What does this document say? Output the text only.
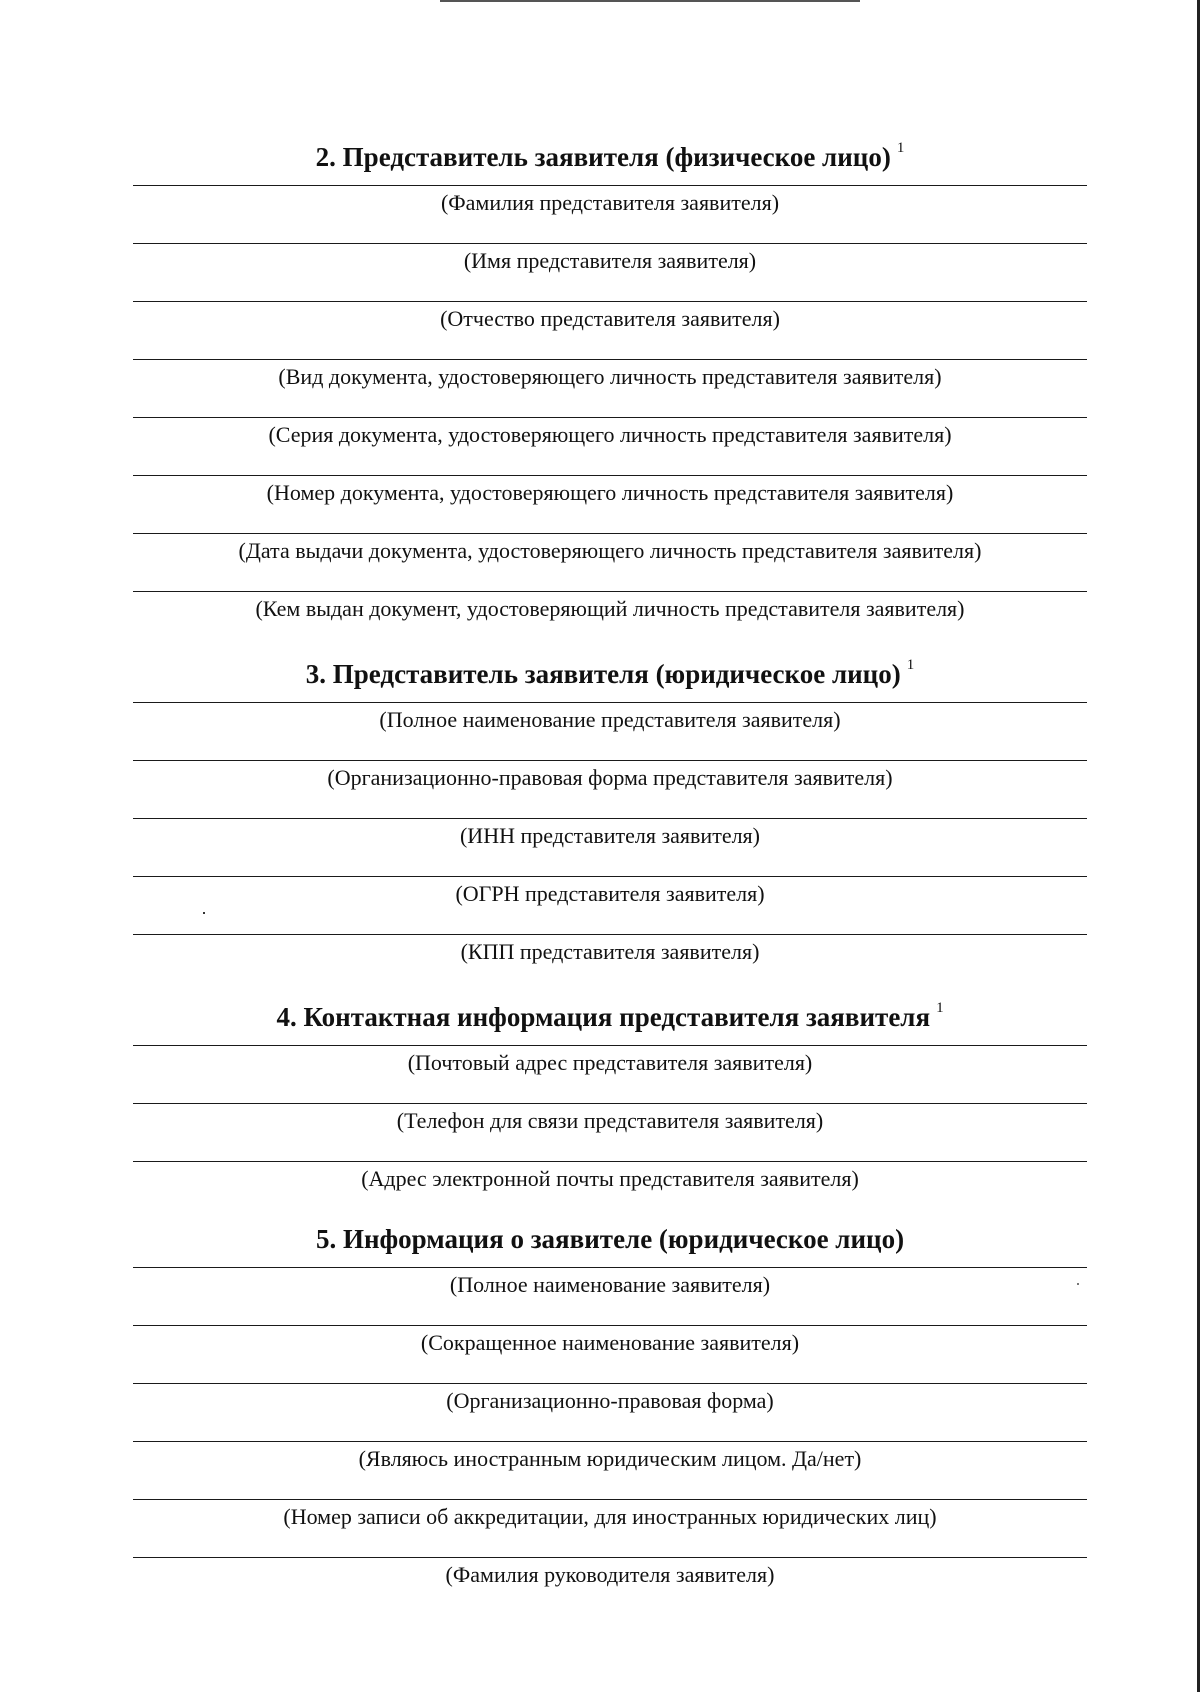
2. Представитель заявителя (физическое лицо) $^1$
(Фамилия представителя заявителя)
(Имя представителя заявителя)
(Отчество представителя заявителя)
(Вид документа, удостоверяющего личность представителя заявителя)
(Серия документа, удостоверяющего личность представителя заявителя)
(Номер документа, удостоверяющего личность представителя заявителя)
(Дата выдачи документа, удостоверяющего личность представителя заявителя)
(Кем выдан документ, удостоверяющий личность представителя заявителя)
3. Представитель заявителя (юридическое лицо) $^1$
(Полное наименование представителя заявителя)
(Организационно-правовая форма представителя заявителя)
(ИНН представителя заявителя)
(ОГРН представителя заявителя)
(КПП представителя заявителя)
4. Контактная информация представителя заявителя $^1$
(Почтовый адрес представителя заявителя)
(Телефон для связи представителя заявителя)
(Адрес электронной почты представителя заявителя)
5. Информация о заявителе (юридическое лицо)
(Полное наименование заявителя)
(Сокращенное наименование заявителя)
(Организационно-правовая форма)
(Являюсь иностранным юридическим лицом. Да/нет)
(Номер записи об аккредитации, для иностранных юридических лиц)
(Фамилия руководителя заявителя)
